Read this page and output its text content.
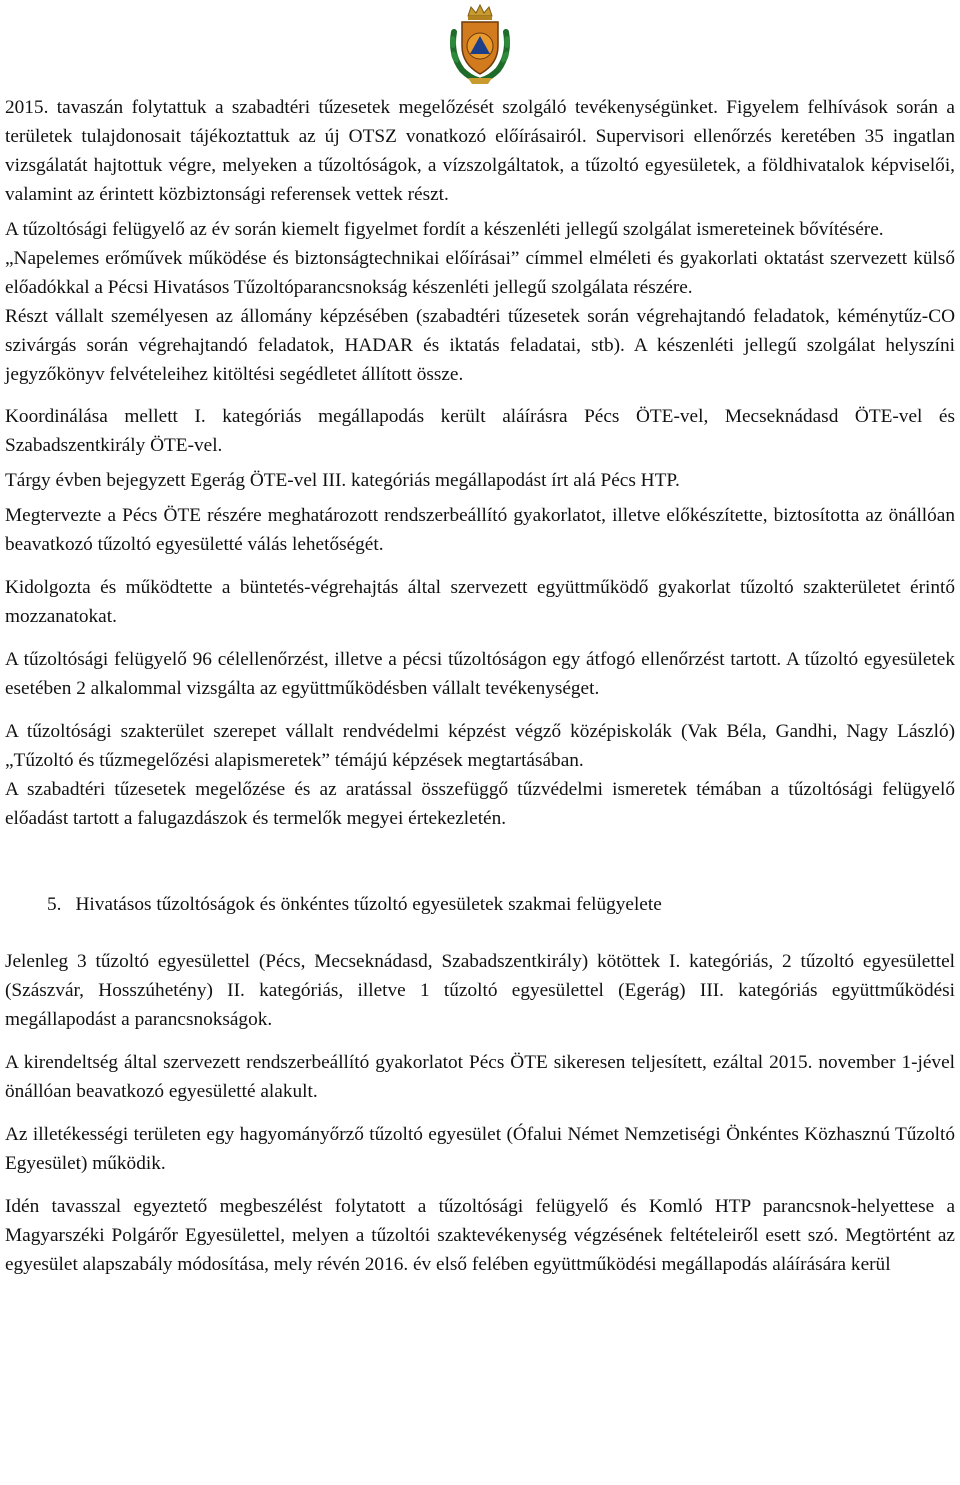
2015. tavaszán folytattuk a szabadtéri tűzesetek megelőzését szolgáló tevékenységünket. Figyelem felhívások során a területek tulajdonosait tájékoztattuk az új OTSZ vonatkozó előírásairól. Supervisori ellenőrzés keretében 35 ingatlan vizsgálatát hajtottuk végre, melyeken a tűzoltóságok, a vízszolgáltatok, a tűzoltó egyesületek, a földhivatalok képviselői, valamint az érintett közbiztonsági referensek vettek részt.

A tűzoltósági felügyelő az év során kiemelt figyelmet fordít a készenléti jellegű szolgálat ismereteinek bővítésére.

„Napelemes erőművek működése és biztonságtechnikai előírásai” címmel elméleti és gyakorlati oktatást szervezett külső előadókkal a Pécsi Hivatásos Tűzoltóparancsnokság készenléti jellegű szolgálata részére.

Részt vállalt személyesen az állomány képzésében (szabadtéri tűzesetek során végrehajtandó feladatok, kéménytűz-CO szivárgás során végrehajtandó feladatok, HADAR és iktatás feladatai, stb). A készenléti jellegű szolgálat helyszíni jegyzőkönyv felvételeihez kitöltési segédletet állított össze.

Koordinálása mellett I. kategóriás megállapodás került aláírásra Pécs ÖTE-vel, Mecseknádasd ÖTE-vel és Szabadszentkirály ÖTE-vel.

Tárgy évben bejegyzett Egerág ÖTE-vel III. kategóriás megállapodást írt alá Pécs HTP.

Megtervezte a Pécs ÖTE részére meghatározott rendszerbeállító gyakorlatot, illetve előkészítette, biztosította az önállóan beavatkozó tűzoltó egyesületté válás lehetőségét.

Kidolgozta és működtette a büntetés-végrehajtás által szervezett együttműködő gyakorlat tűzoltó szakterületet érintő mozzanatokat.

A tűzoltósági felügyelő 96 célellenőrzést, illetve a pécsi tűzoltóságon egy átfogó ellenőrzést tartott. A tűzoltó egyesületek esetében 2 alkalommal vizsgálta az együttműködésben vállalt tevékenységet.

A tűzoltósági szakterület szerepet vállalt rendvédelmi képzést végző középiskolák (Vak Béla, Gandhi, Nagy László) „Tűzoltó és tűzmegelőzési alapismeretek” témájú képzések megtartásában.

A szabadtéri tűzesetek megelőzése és az aratással összefüggő tűzvédelmi ismeretek témában a tűzoltósági felügyelő előadást tartott a falugazdászok és termelők megyei értekezletén.

5. Hivatásos tűzoltóságok és önkéntes tűzoltó egyesületek szakmai felügyelete

Jelenleg 3 tűzoltó egyesülettel (Pécs, Mecseknádasd, Szabadszentkirály) kötöttek I. kategóriás, 2 tűzoltó egyesülettel (Szászvár, Hosszúhetény) II. kategóriás, illetve 1 tűzoltó egyesülettel (Egerág) III. kategóriás együttműködési megállapodást a parancsnokságok.

A kirendeltség által szervezett rendszerbeállító gyakorlatot Pécs ÖTE sikeresen teljesített, ezáltal 2015. november 1-jével önállóan beavatkozó egyesületté alakult.

Az illetékességi területen egy hagyományőrző tűzoltó egyesület (Ófalui Német Nemzetiségi Önkéntes Közhasznú Tűzoltó Egyesület) működik.

Idén tavasszal egyeztető megbeszélést folytatott a tűzoltósági felügyelő és Komló HTP parancsnok-helyettese a Magyarszéki Polgárőr Egyesülettel, melyen a tűzoltói szaktevékenység végzésének feltételeiről esett szó. Megtörtént az egyesület alapszabály módosítása, mely révén 2016. év első felében együttműködési megállapodás aláírására kerül
